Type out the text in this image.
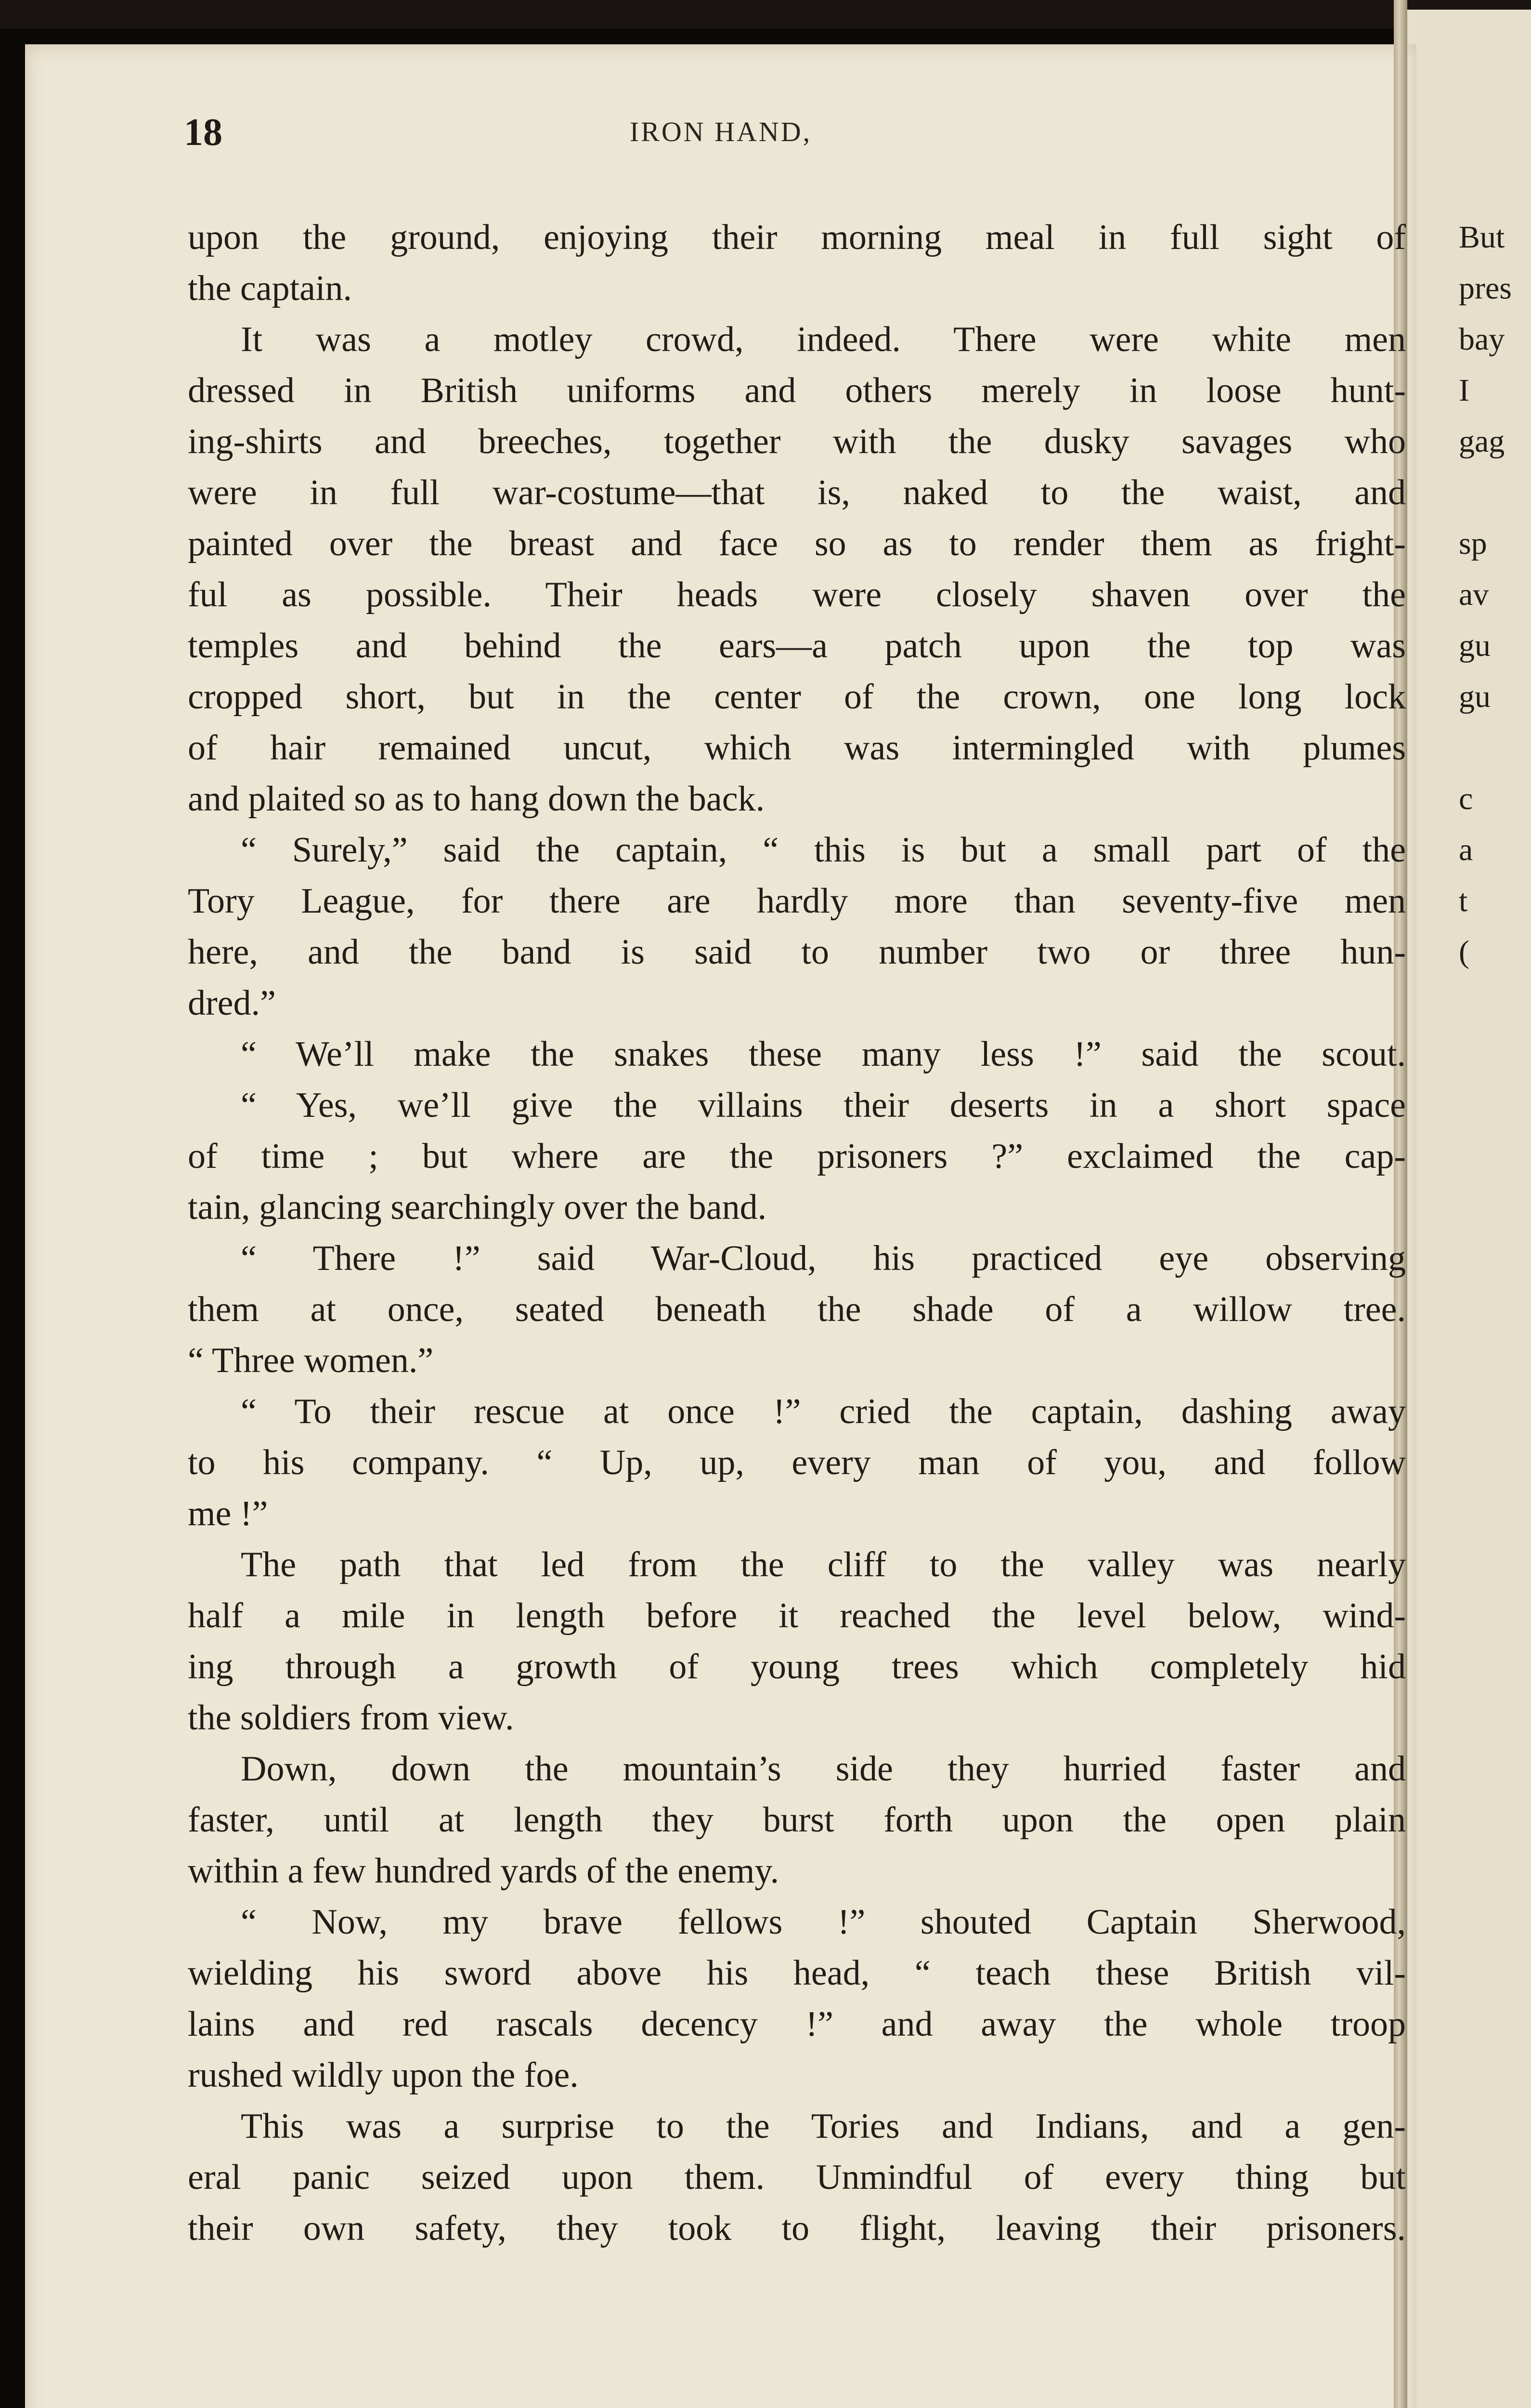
18	IRON HAND,
upon the ground, enjoying their morning meal in full sight of
the captain.
It was a motley crowd, indeed. There were white men
dressed in British uniforms and others merely in loose hunt-
ing-shirts and breeches, together with the dusky savages who
were in full war-costume—that is, naked to the waist, and
painted over the breast and face so as to render them as fright-
ful as possible. Their heads were closely shaven over the
temples and behind the ears—a patch upon the top was
cropped short, but in the center of the crown, one long lock
of hair remained uncut, which was intermingled with plumes
and plaited so as to hang down the back.
“ Surely,” said the captain, “ this is but a small part of the
Tory League, for there are hardly more than seventy-five men
here, and the band is said to number two or three hun-
dred.”
“ We’ll make the snakes these many less !” said the scout.
“ Yes, we’ll give the villains their deserts in a short space
of time ; but where are the prisoners ?” exclaimed the cap-
tain, glancing searchingly over the band.
“ There !” said War-Cloud, his practiced eye observing
them at once, seated beneath the shade of a willow tree.
“ Three women.”
“ To their rescue at once !” cried the captain, dashing away
to his company. “ Up, up, every man of you, and follow
me !”
The path that led from the cliff to the valley was nearly
half a mile in length before it reached the level below, wind-
ing through a growth of young trees which completely hid
the soldiers from view.
Down, down the mountain’s side they hurried faster and
faster, until at length they burst forth upon the open plain
within a few hundred yards of the enemy.
“ Now, my brave fellows !” shouted Captain Sherwood,
wielding his sword above his head, “ teach these British vil-
lains and red rascals decency !” and away the whole troop
rushed wildly upon the foe.
This was a surprise to the Tories and Indians, and a gen-
eral panic seized upon them. Unmindful of every thing but
their own safety, they took to flight, leaving their prisoners.
But
pres
bay
I
gag
sp
av
gu
gu
c
a
t
(
